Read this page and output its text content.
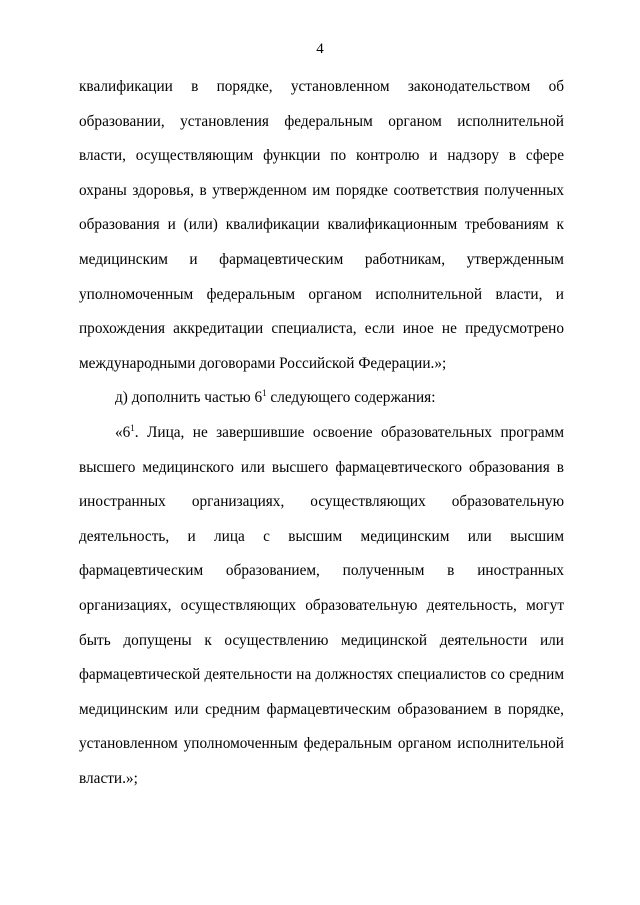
4

квалификации в порядке, установленном законодательством об образовании, установления федеральным органом исполнительной власти, осуществляющим функции по контролю и надзору в сфере охраны здоровья, в утвержденном им порядке соответствия полученных образования и (или) квалификации квалификационным требованиям к медицинским и фармацевтическим работникам, утвержденным уполномоченным федеральным органом исполнительной власти, и прохождения аккредитации специалиста, если иное не предусмотрено международными договорами Российской Федерации.»;

д) дополнить частью $6^1$ следующего содержания:

«$6^1$. Лица, не завершившие освоение образовательных программ высшего медицинского или высшего фармацевтического образования в иностранных организациях, осуществляющих образовательную деятельность, и лица с высшим медицинским или высшим фармацевтическим образованием, полученным в иностранных организациях, осуществляющих образовательную деятельность, могут быть допущены к осуществлению медицинской деятельности или фармацевтической деятельности на должностях специалистов со средним медицинским или средним фармацевтическим образованием в порядке, установленном уполномоченным федеральным органом исполнительной власти.»;
